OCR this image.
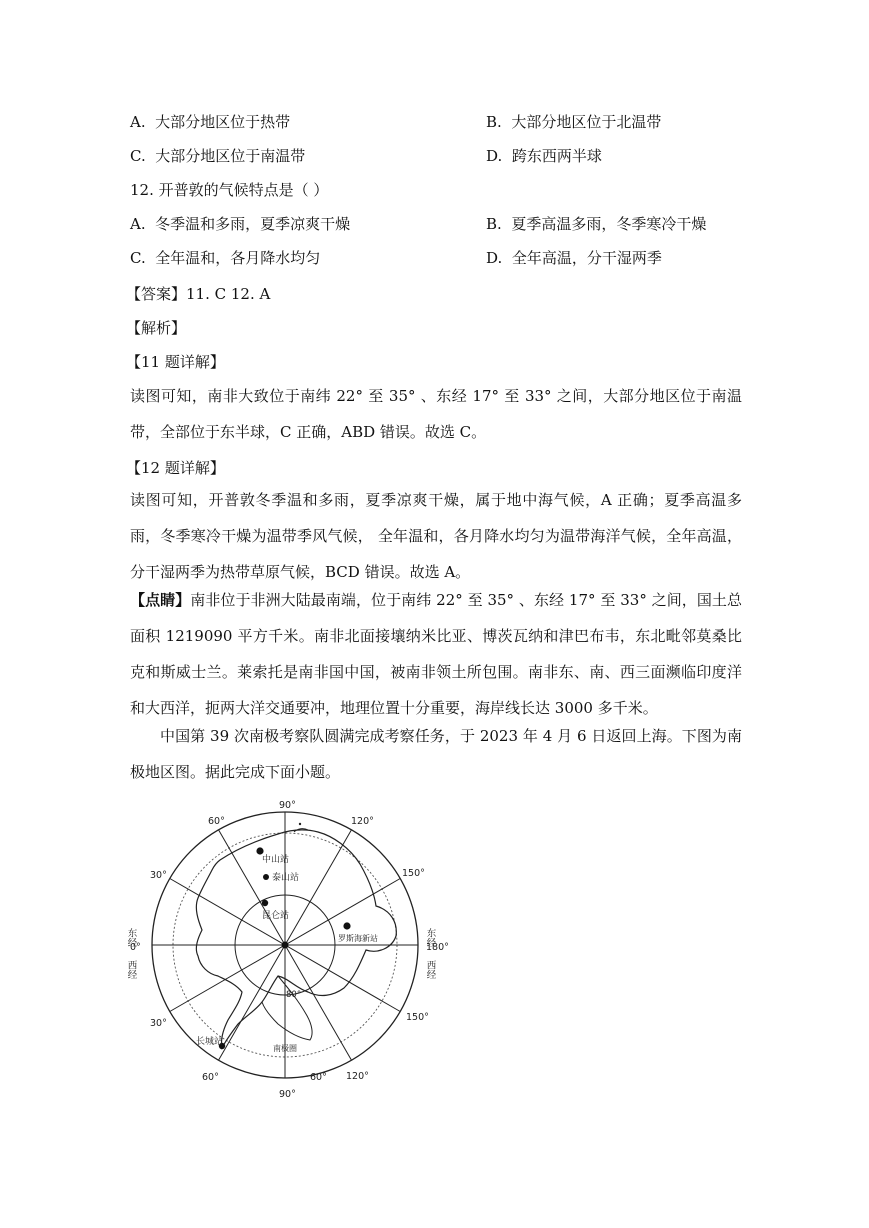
A. 大部分地区位于热带	B. 大部分地区位于北温带
C. 大部分地区位于南温带	D. 跨东西两半球
12. 开普敦的气候特点是（ ）
A. 冬季温和多雨，夏季凉爽干燥	B. 夏季高温多雨，冬季寒冷干燥
C. 全年温和，各月降水均匀	D. 全年高温，分干湿两季
【答案】11. C 12. A
【解析】
【11 题详解】
读图可知，南非大致位于南纬 22° 至 35° 、东经 17° 至 33° 之间，大部分地区位于南温带，全部位于东半球，C 正确，ABD 错误。故选 C。
【12 题详解】
读图可知，开普敦冬季温和多雨，夏季凉爽干燥，属于地中海气候，A 正确；夏季高温多雨，冬季寒冷干燥为温带季风气候， 全年温和，各月降水均匀为温带海洋气候，全年高温，分干湿两季为热带草原气候，BCD 错误。故选 A。
【点睛】南非位于非洲大陆最南端，位于南纬 22° 至 35° 、东经 17° 至 33° 之间，国土总面积 1219090 平方千米。南非北面接壤纳米比亚、博茨瓦纳和津巴布韦，东北毗邻莫桑比克和斯威士兰。莱索托是南非国中国，被南非领土所包围。南非东、南、西三面濒临印度洋和大西洋，扼两大洋交通要冲，地理位置十分重要，海岸线长达 3000 多千米。
中国第 39 次南极考察队圆满完成考察任务，于 2023 年 4 月 6 日返回上海。下图为南极地区图。据此完成下面小题。
中山站
泰山站
昆仑站
罗斯海新站
长城站
南极圈
90°
60°	120°
30°	150°
30°
150°
60°	60° 120°
90°
80°
东经
0°
西经
东经
180°
西经
